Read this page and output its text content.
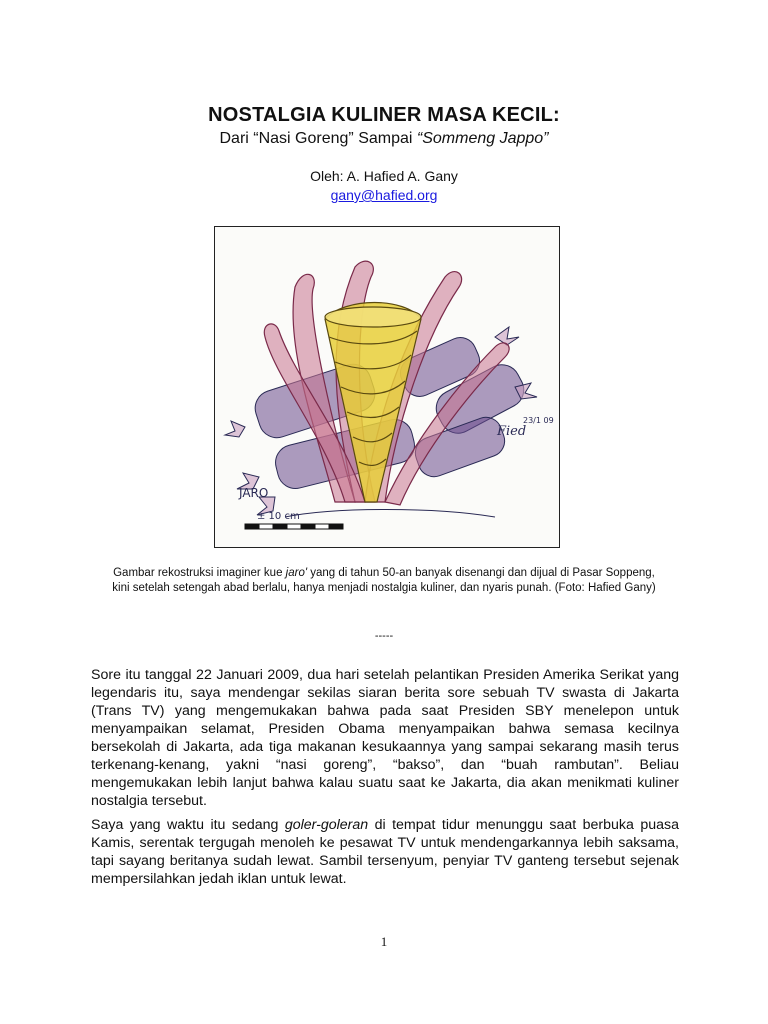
NOSTALGIA KULINER MASA KECIL:
Dari “Nasi Goreng” Sampai “Sommeng Jappo”
Oleh: A. Hafied A. Gany
gany@hafied.org
JARO
± 10 cm
Fied
23/1 09
Gambar rekostruksi imaginer kue jaro' yang di tahun 50-an banyak disenangi dan dijual di Pasar Soppeng, kini setelah setengah abad berlalu, hanya menjadi nostalgia kuliner, dan nyaris punah. (Foto: Hafied Gany)
-----

Sore itu tanggal 22 Januari 2009, dua hari setelah pelantikan Presiden Amerika Serikat yang legendaris itu, saya mendengar sekilas siaran berita sore sebuah TV swasta di Jakarta (Trans TV) yang mengemukakan bahwa pada saat Presiden SBY menelepon untuk menyampaikan selamat, Presiden Obama menyampaikan bahwa semasa kecilnya bersekolah di Jakarta, ada tiga makanan kesukaannya yang sampai sekarang masih terus terkenang-kenang, yakni “nasi goreng”, “bakso”, dan “buah rambutan”. Beliau mengemukakan lebih lanjut bahwa kalau suatu saat ke Jakarta, dia akan menikmati kuliner nostalgia tersebut.

Saya yang waktu itu sedang goler-goleran di tempat tidur menunggu saat berbuka puasa Kamis, serentak tergugah menoleh ke pesawat TV untuk mendengarkannya lebih saksama, tapi sayang beritanya sudah lewat. Sambil tersenyum, penyiar TV ganteng tersebut sejenak mempersilahkan jedah iklan untuk lewat.

1
